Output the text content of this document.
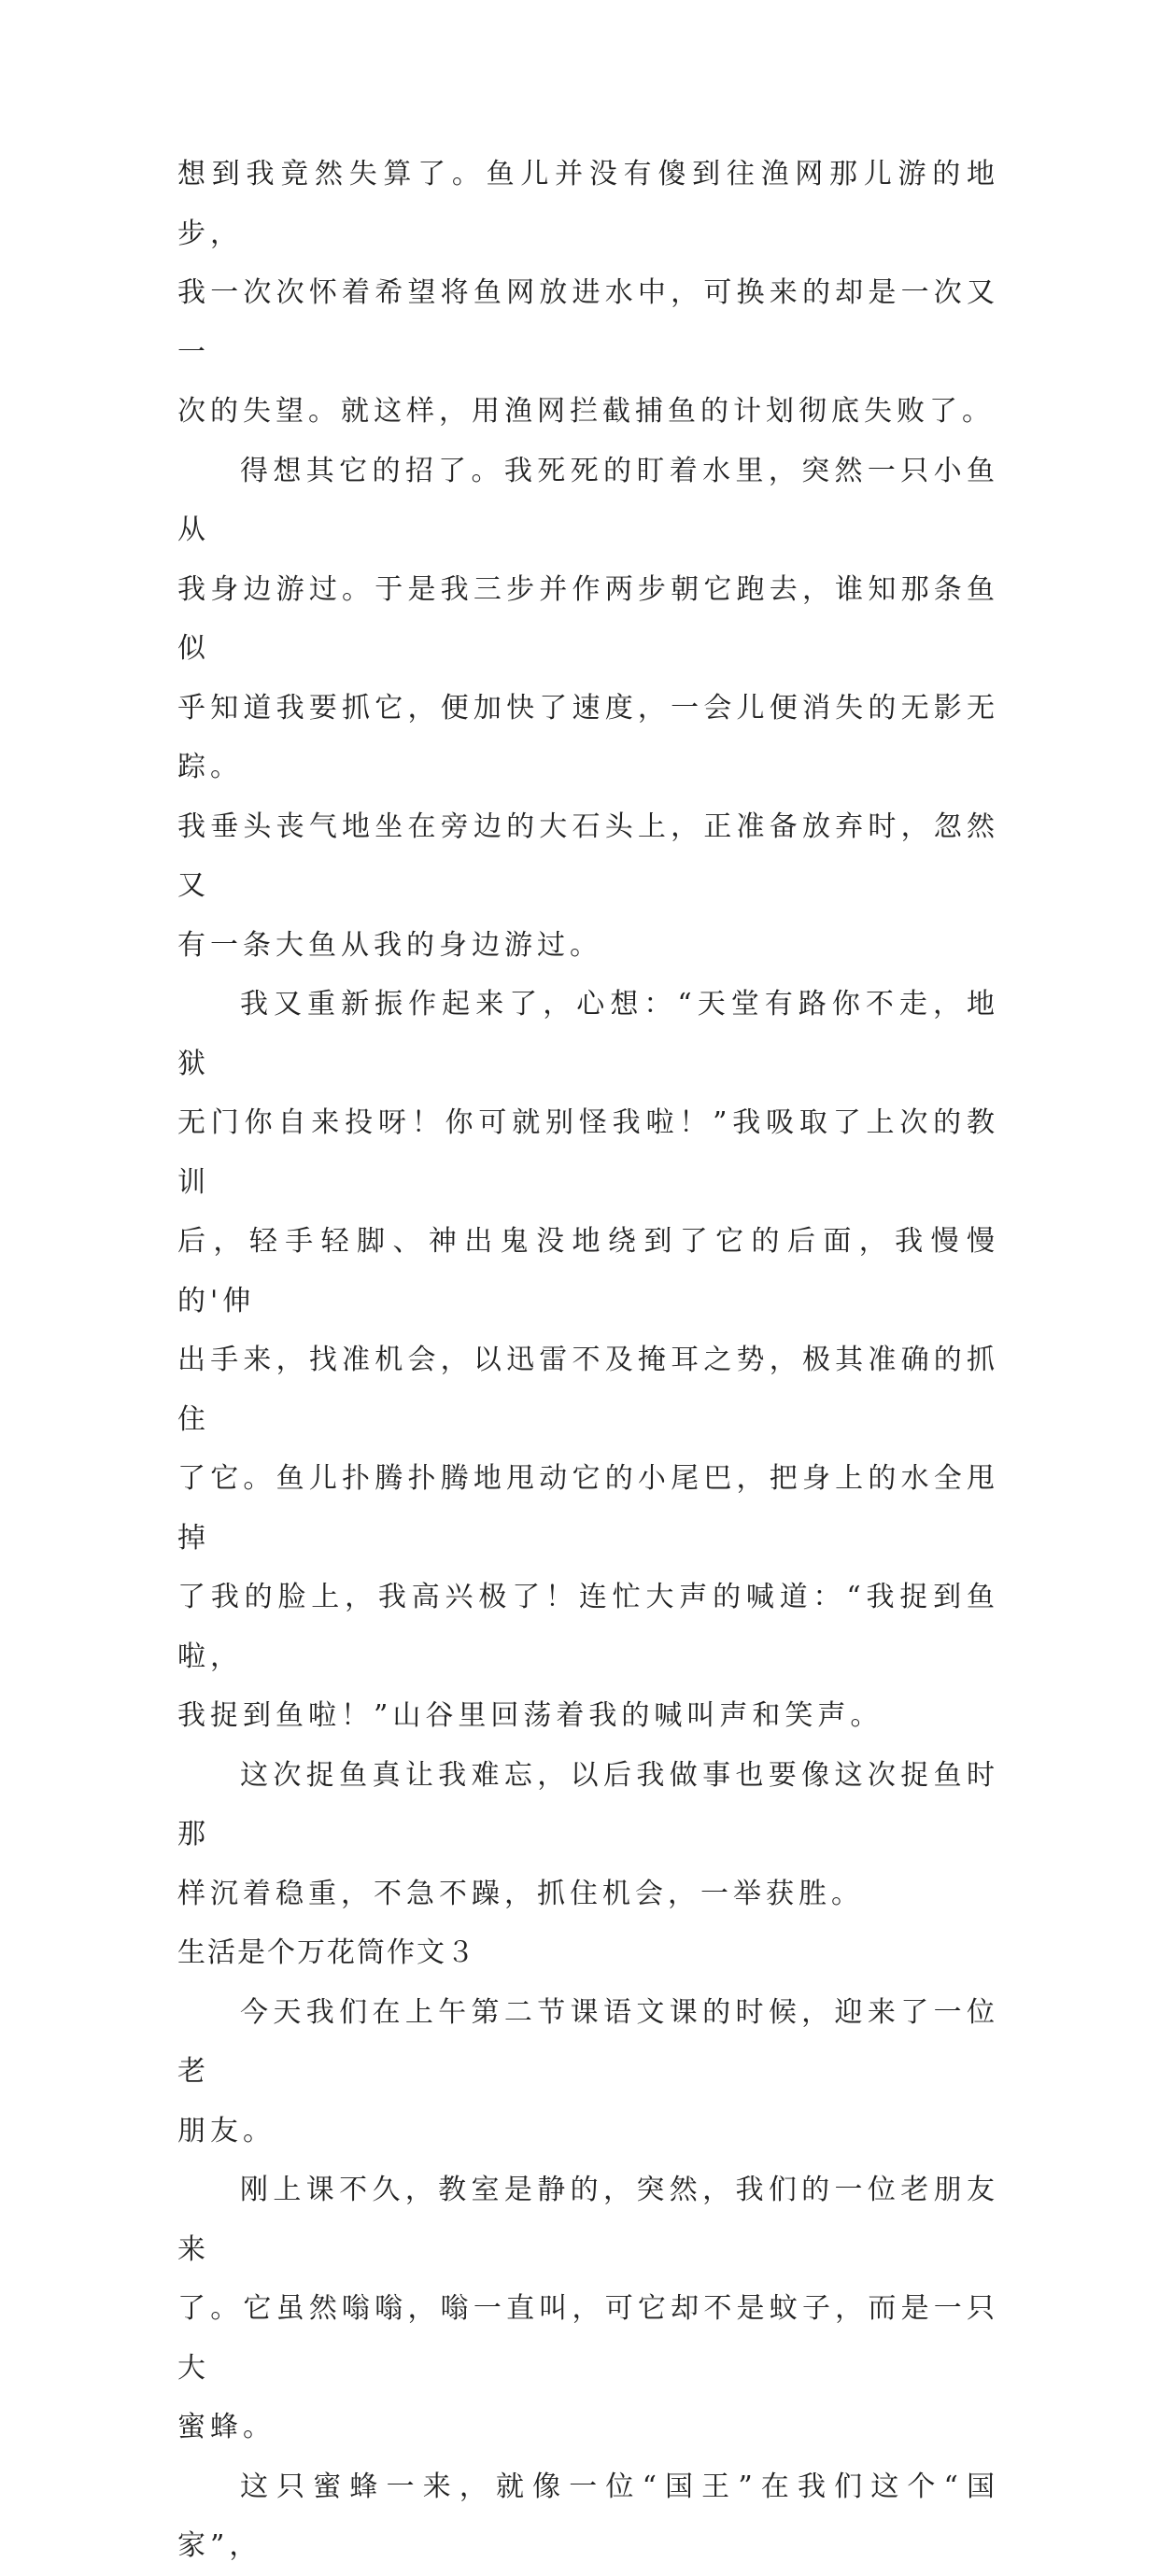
想到我竟然失算了。鱼儿并没有傻到往渔网那儿游的地步，

我一次次怀着希望将鱼网放进水中，可换来的却是一次又一

次的失望。就这样，用渔网拦截捕鱼的计划彻底失败了。

得想其它的招了。我死死的盯着水里，突然一只小鱼从

我身边游过。于是我三步并作两步朝它跑去，谁知那条鱼似

乎知道我要抓它，便加快了速度，一会儿便消失的无影无踪。

我垂头丧气地坐在旁边的大石头上，正准备放弃时，忽然又

有一条大鱼从我的身边游过。

我又重新振作起来了，心想：“天堂有路你不走，地狱

无门你自来投呀！你可就别怪我啦！”我吸取了上次的教训

后，轻手轻脚、神出鬼没地绕到了它的后面，我慢慢的'伸

出手来，找准机会，以迅雷不及掩耳之势，极其准确的抓住

了它。鱼儿扑腾扑腾地甩动它的小尾巴，把身上的水全甩掉

了我的脸上，我高兴极了！连忙大声的喊道：“我捉到鱼啦，

我捉到鱼啦！”山谷里回荡着我的喊叫声和笑声。

这次捉鱼真让我难忘，以后我做事也要像这次捉鱼时那

样沉着稳重，不急不躁，抓住机会，一举获胜。

生活是个万花筒作文３

今天我们在上午第二节课语文课的时候，迎来了一位老

朋友。

刚上课不久，教室是静的，突然，我们的一位老朋友来

了。它虽然嗡嗡，嗡一直叫，可它却不是蚊子，而是一只大

蜜蜂。

这只蜜蜂一来，就像一位“国王”在我们这个“国家”，
